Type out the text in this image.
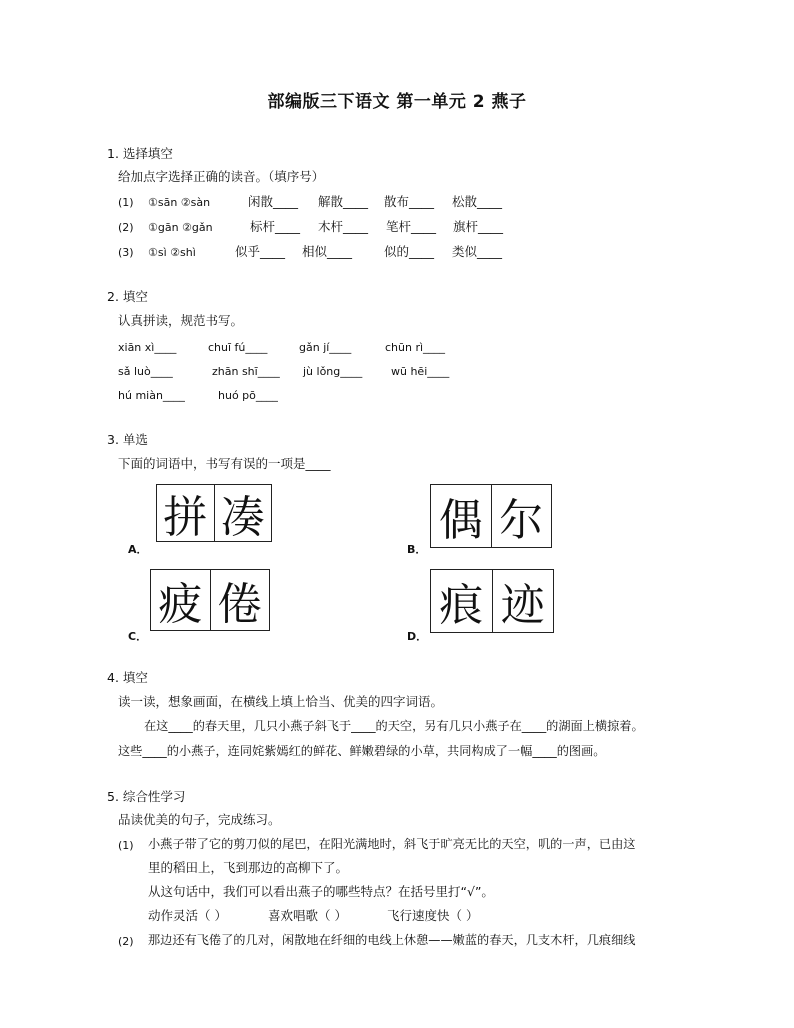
部编版三下语文 第一单元 2 燕子
1. 选择填空
给加点字选择正确的读音。（填序号）
(1) ①sān ②sàn	闲散____ 解散____ 散布____ 松散____
(2) ①gān ②gǎn	标杆____ 木杆____ 笔杆____ 旗杆____
(3) ①sì ②shì	似乎____ 相似____	似的____ 类似____
2. 填空
认真拼读，规范书写。
xiān xì____	chuī fú____	gǎn jí____	chūn rì____
sǎ luò____	zhān shī____ jù lǒng____	wū hēi____
hú miàn____	huó pō____
3. 单选
下面的词语中，书写有误的一项是____
A．
拼 凑
B．
偶 尔
C．
疲 倦
D．
痕 迹
4. 填空
读一读，想象画面，在横线上填上恰当、优美的四字词语。
在这____的春天里，几只小燕子斜飞于____的天空，另有几只小燕子在____的湖面上横掠着。
这些____的小燕子，连同姹紫嫣红的鲜花、鲜嫩碧绿的小草，共同构成了一幅____的图画。
5. 综合性学习
品读优美的句子，完成练习。
(1) 小燕子带了它的剪刀似的尾巴，在阳光满地时，斜飞于旷亮无比的天空，叽的一声，已由这
里的稻田上，飞到那边的高柳下了。
从这句话中，我们可以看出燕子的哪些特点？在括号里打“√”。
动作灵活（ ）	喜欢唱歌（ ）	飞行速度快（ ）
(2) 那边还有飞倦了的几对，闲散地在纤细的电线上休憩——嫩蓝的春天，几支木杆，几痕细线
